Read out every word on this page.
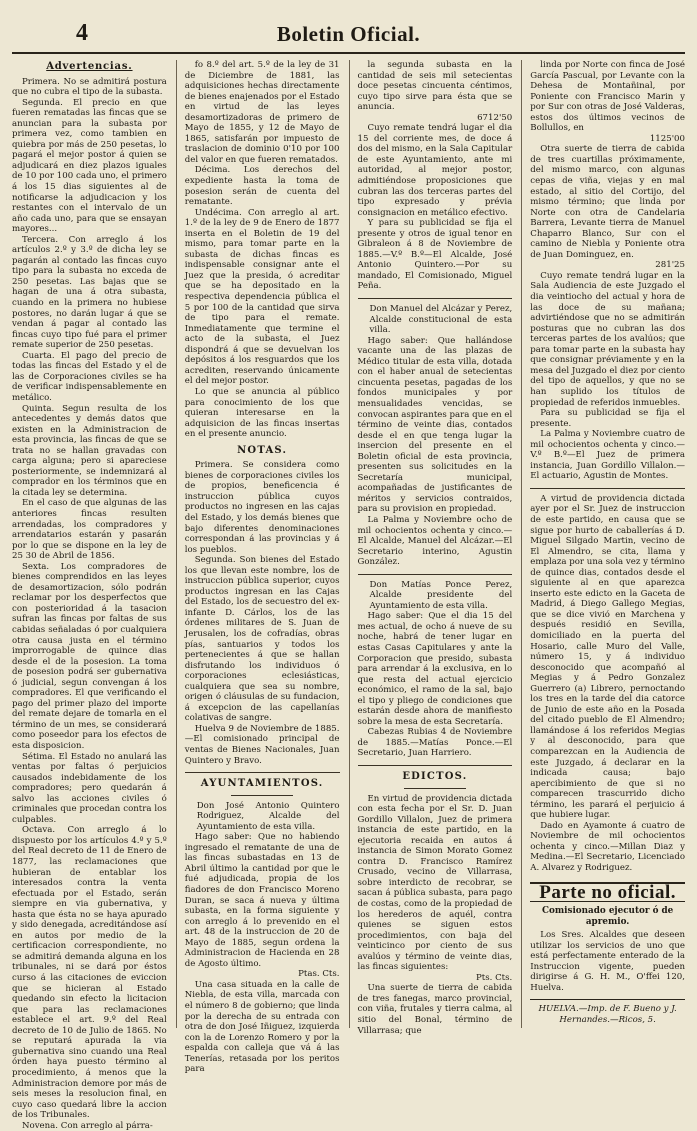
4	Boletin Oficial.
Advertencias.

Primera. No se admitirá postura que no cubra el tipo de la subasta.

Segunda. El precio en que fueren rematadas las fincas que se anuncian para la subasta por primera vez, como tambien en quiebra por más de 250 pesetas, lo pagará el mejor postor á quien se adjudicará en diez plazos iguales de 10 por 100 cada uno, el primero á los 15 dias siguientes al de notificarse la adjudicacion y los restantes con el intervalo de un año cada uno, para que se ensayan mayores...

Tercera. Con arreglo á los artículos 2.º y 3.º de dicha ley se pagarán al contado las fincas cuyo tipo para la subasta no exceda de 250 pesetas. Las bajas que se hagan de una á otra subasta, cuando en la primera no hubiese postores, no darán lugar á que se vendan á pagar al contado las fincas cuyo tipo fué para el primer remate superior de 250 pesetas.

Cuarta. El pago del precio de todas las fincas del Estado y el de las de Corporaciones civiles se ha de verificar indispensablemente en metálico.

Quinta. Segun resulta de los antecedentes y demás datos que existen en la Administracion de esta provincia, las fincas de que se trata no se hallan gravadas con carga alguna; pero si apareciese posteriormente, se indemnizará al comprador en los términos que en la citada ley se determina.

En el caso de que algunas de las anteriores fincas resulten arrendadas, los compradores y arrendatarios estarán y pasarán por lo que se dispone en la ley de 25 30 de Abril de 1856.

Sexta. Los compradores de bienes comprendidos en las leyes de desamortizacion, sólo podrán reclamar por los desperfectos que con posterioridad á la tasacion sufran las fincas por faltas de sus cabidas señaladas ó por cualquiera otra causa justa en el término improrrogable de quince dias desde el de la posesion. La toma de posesion podrá ser gubernativa ó judicial, segun convengan á los compradores. El que verificando el pago del primer plazo del importe del remate dejare de tomarla en el término de un mes, se considerará como poseedor para los efectos de esta disposicion.

Sétima. El Estado no anulará las ventas por faltas ó perjuicios causados indebidamente de los compradores; pero quedarán á salvo las acciones civiles ó criminales que procedan contra los culpables.

Octava. Con arreglo á lo dispuesto por los artículos 4.º y 5.º del Real decreto de 11 de Enero de 1877, las reclamaciones que hubieran de entablar los interesados contra la venta efectuada por el Estado, serán siempre en via gubernativa, y hasta que ésta no se haya apurado y sido denegada, acreditándose así en autos por medio de la certificacion correspondiente, no se admitirá demanda alguna en los tribunales, ni se dará por éstos curso á las citaciones de eviccion que se hicieran al Estado quedando sin efecto la licitacion que para las reclamaciones establece el art. 9.º del Real decreto de 10 de Julio de 1865. No se reputará apurada la via gubernativa sino cuando una Real órden haya puesto término al procedimiento, á menos que la Administracion demore por más de seis meses la resolucion final, en cuyo caso quedará libre la accion de los Tribunales.

Novena. Con arreglo al párra-

fo 8.º del art. 5.º de la ley de 31 de Diciembre de 1881, las adquisiciones hechas directamente de bienes enajenados por el Estado en virtud de las leyes desamortizadoras de primero de Mayo de 1855, y 12 de Mayo de 1865, satisfarán por impuesto de traslacion de dominio 0'10 por 100 del valor en que fueren rematados.

Décima. Los derechos del expediente hasta la toma de posesion serán de cuenta del rematante.

Undécima. Con arreglo al art. 1.º de la ley de 9 de Enero de 1877 inserta en el Boletin de 19 del mismo, para tomar parte en la subasta de dichas fincas es indispensable consignar ante el Juez que la presida, ó acreditar que se ha depositado en la respectiva dependencia pública el 5 por 100 de la cantidad que sirva de tipo para el remate. Inmediatamente que termine el acto de la subasta, el Juez dispondrá á que se devuelvan los depósitos á los resguardos que los acrediten, reservando únicamente el del mejor postor.

Lo que se anuncia al público para conocimiento de los que quieran interesarse en la adquisicion de las fincas insertas en el presente anuncio.

NOTAS.

Primera. Se considera como bienes de corporaciones civiles los de propios, beneficencia é instruccion pública cuyos productos no ingresen en las cajas del Estado, y los demás bienes que bajo diferentes denominaciones correspondan á las provincias y á los pueblos.

Segunda. Son bienes del Estado los que llevan este nombre, los de instruccion pública superior, cuyos productos ingresan en las Cajas del Estado, los de secuestro del ex-infante D. Cárlos, los de las órdenes militares de S. Juan de Jerusalen, los de cofradías, obras pías, santuarios y todos los pertenecientes á que se hallan disfrutando los individuos ó corporaciones eclesiásticas, cualquiera que sea su nombre, origen ó cláusulas de su fundacion, á excepcion de las capellanías colativas de sangre.

Huelva 9 de Noviembre de 1885.—El comisionado principal de ventas de Bienes Nacionales, Juan Quintero y Bravo.

AYUNTAMIENTOS.

Don José Antonio Quintero Rodriguez, Alcalde del Ayuntamiento de esta villa.

Hago saber: Que no habiendo ingresado el rematante de una de las fincas subastadas en 13 de Abril último la cantidad por que le fué adjudicada, propia de los fiadores de don Francisco Moreno Duran, se saca á nueva y última subasta, en la forma siguiente y con arreglo á lo prevenido en el art. 48 de la instruccion de 20 de Mayo de 1885, segun ordena la Administracion de Hacienda en 28 de Agosto último.

Ptas. Cts.

Una casa situada en la calle de Niebla, de esta villa, marcada con el número 8 de gobierno; que linda por la derecha de su entrada con otra de don José Iñiguez, izquierda con la de Lorenzo Romero y por la espalda con calleja que vá á las Tenerías, retasada por los peritos para

la segunda subasta en la cantidad de seis mil setecientas doce pesetas cincuenta céntimos, cuyo tipo sirve para ésta que se anuncia.

6712'50

Cuyo remate tendrá lugar el dia 15 del corriente mes, de doce á dos del mismo, en la Sala Capitular de este Ayuntamiento, ante mi autoridad, al mejor postor, admitiéndose proposiciones que cubran las dos terceras partes del tipo expresado y prévia consignacion en metálico efectivo.

Y para su publicidad se fija el presente y otros de igual tenor en Gibraleon á 8 de Noviembre de 1885.—V.º B.º—El Alcalde, José Antonio Quintero.—Por su mandado, El Comisionado, Miguel Peña.

Don Manuel del Alcázar y Perez, Alcalde constitucional de esta villa.

Hago saber: Que hallándose vacante una de las plazas de Médico titular de esta villa, dotada con el haber anual de setecientas cincuenta pesetas, pagadas de los fondos municipales y por mensualidades vencidas, se convocan aspirantes para que en el término de veinte dias, contados desde el en que tenga lugar la insercion del presente en el Boletin oficial de esta provincia, presenten sus solicitudes en la Secretaría municipal, acompañadas de justificantes de méritos y servicios contraidos, para su provision en propiedad.

La Palma y Noviembre ocho de mil ochocientos ochenta y cinco.—El Alcalde, Manuel del Alcázar.—El Secretario interino, Agustin González.

Don Matías Ponce Perez, Alcalde presidente del Ayuntamiento de esta villa.

Hago saber: Que el dia 15 del mes actual, de ocho á nueve de su noche, habrá de tener lugar en estas Casas Capitulares y ante la Corporacion que presido, subasta para arrendar á la exclusiva, en lo que resta del actual ejercicio económico, el ramo de la sal, bajo el tipo y pliego de condiciones que estarán desde ahora de manifiesto sobre la mesa de esta Secretaría.

Cabezas Rubias 4 de Noviembre de 1885.—Matías Ponce.—El Secretario, Juan Harriero.

EDICTOS.

En virtud de providencia dictada con esta fecha por el Sr. D. Juan Gordillo Villalon, Juez de primera instancia de este partido, en la ejecutoria recaida en autos á instancia de Simon Morato Gomez contra D. Francisco Ramírez Crusado, vecino de Villarrasa, sobre interdicto de recobrar, se sacan á pública subasta, para pago de costas, como de la propiedad de los herederos de aquél, contra quienes se siguen estos procedimientos, con baja del veinticinco por ciento de sus avalúos y término de veinte dias, las fincas siguientes:

Pts. Cts.

Una suerte de tierra de cabida de tres fanegas, marco provincial, con viña, frutales y tierra calma, al sitio del Bonal, término de Villarrasa; que

linda por Norte con finca de José García Pascual, por Levante con la Dehesa de Montañinal, por Poniente con Francisco Marin y por Sur con otras de José Valderas, estos dos últimos vecinos de Bollullos, en

1125'00

Otra suerte de tierra de cabida de tres cuartillas próximamente, del mismo marco, con algunas cepas de viña, viejas y en mal estado, al sitio del Cortijo, del mismo término; que linda por Norte con otra de Candelaria Barrera, Levante tierra de Manuel Chaparro Blanco, Sur con el camino de Niebla y Poniente otra de Juan Dominguez, en.

281'25

Cuyo remate tendrá lugar en la Sala Audiencia de este Juzgado el dia veintiocho del actual y hora de las doce de su mañana; advirtiéndose que no se admitirán posturas que no cubran las dos terceras partes de los avalúos; que para tomar parte en la subasta hay que consignar préviamente y en la mesa del Juzgado el diez por ciento del tipo de aquellos, y que no se han suplido los títulos de propiedad de referidos inmuebles.

Para su publicidad se fija el presente.

La Palma y Noviembre cuatro de mil ochocientos ochenta y cinco.—V.º B.º—El Juez de primera instancia, Juan Gordillo Villalon.—El actuario, Agustin de Montes.

A virtud de providencia dictada ayer por el Sr. Juez de instruccion de este partido, en causa que se sigue por hurto de caballerías á D. Miguel Silgado Martin, vecino de El Almendro, se cita, llama y emplaza por una sola vez y término de quince dias, contados desde el siguiente al en que aparezca inserto este edicto en la Gaceta de Madrid, á Diego Gallego Megias, que se dice vivió en Marchena y después residió en Sevilla, domiciliado en la puerta del Hosario, calle Muro del Valle, número 15, y á individuo desconocido que acompañó al Megias y á Pedro Gonzalez Guerrero (a) Librero, pernoctando los tres en la tarde del dia catorce de Junio de este año en la Posada del citado pueblo de El Almendro; llamándose á los referidos Megias y al desconocido, para que comparezcan en la Audiencia de este Juzgado, á declarar en la indicada causa; bajo apercibimiento de que si no comparecen trascurrido dicho término, les parará el perjuicio á que hubiere lugar.

Dado en Ayamonte á cuatro de Noviembre de mil ochocientos ochenta y cinco.—Millan Diaz y Medina.—El Secretario, Licenciado A. Alvarez y Rodriguez.

Parte no oficial.
Comisionado ejecutor ó de apremio.

Los Sres. Alcaldes que deseen utilizar los servicios de uno que está perfectamente enterado de la Instruccion vigente, pueden dirigirse á G. H. M., O'ffei 120, Huelva.

HUELVA.—Imp. de F. Bueno y J. Hernandes.—Ricos, 5.
